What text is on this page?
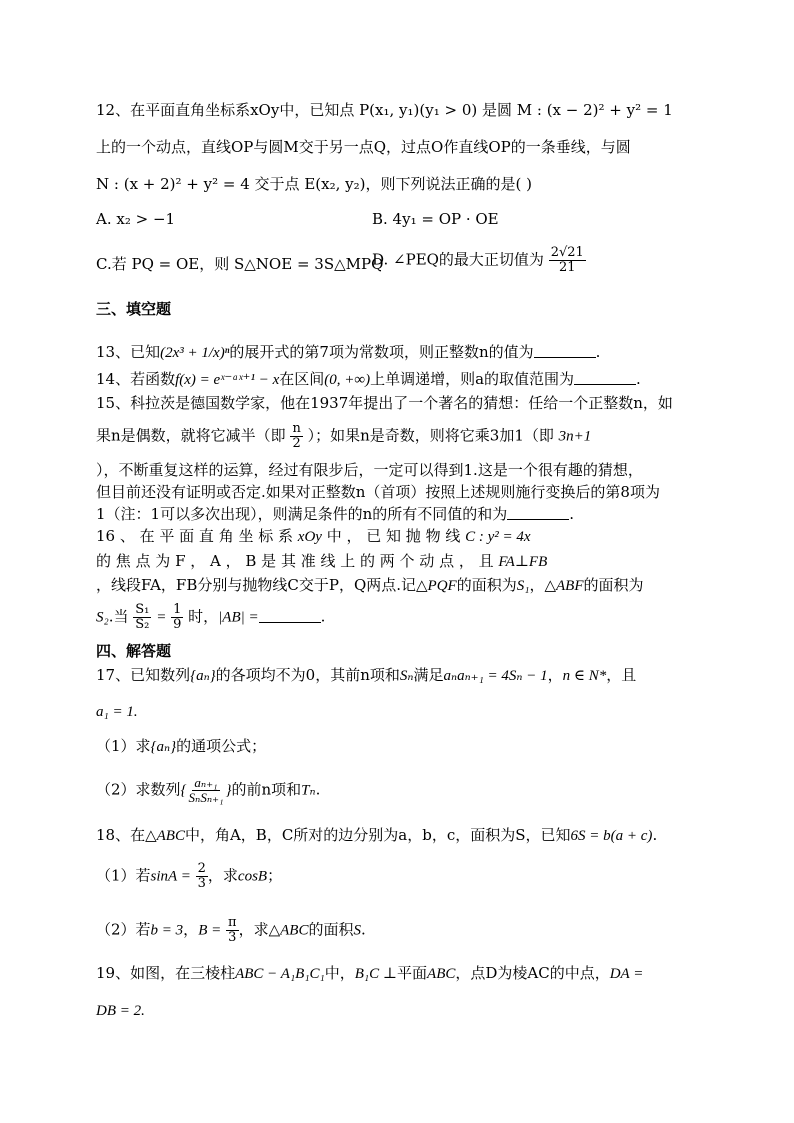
12、在平面直角坐标系xOy中，已知点 P(x₁, y₁)(y₁ > 0) 是圆 M : (x − 2)² + y² = 1
上的一个动点，直线OP与圆M交于另一点Q，过点O作直线OP的一条垂线，与圆
N : (x + 2)² + y² = 4 交于点 E(x₂, y₂)，则下列说法正确的是( )
A. x₂ > −1	B. 4y₁ = OP · OE
C.若 PQ = OE，则 S△NOE = 3S△MPQ
D. ∠PEQ的最大正切值为 $\frac{2√21}{21}$
三、填空题
13、已知(2x³ + 1/x)ⁿ的展开式的第7项为常数项，则正整数n的值为	.
14、若函数f(x) = eˣ⁻ᵃˣ⁺¹ − x在区间(0, +∞)上单调递增，则a的取值范围为	.
15、科拉茨是德国数学家，他在1937年提出了一个著名的猜想：任给一个正整数n，如
果n是偶数，就将它减半（即 $\frac{n}{2}$ ）；如果n是奇数，则将它乘3加1（即 3n+1
），不断重复这样的运算，经过有限步后，一定可以得到1.这是一个很有趣的猜想，
但目前还没有证明或否定.如果对正整数n（首项）按照上述规则施行变换后的第8项为
1（注：1可以多次出现），则满足条件的n的所有不同值的和为	.
16 、 在 平 面 直 角 坐 标 系 xOy 中 ， 已 知 抛 物 线 C : y² = 4x
的 焦 点 为 F ， A ， B 是 其 准 线 上 的 两 个 动 点 ， 且 FA⊥FB
，线段FA，FB分别与抛物线C交于P，Q两点.记△PQF的面积为S₁，△ABF的面积为
S₂.当 $\frac{\text{S₁}}{\text{S₂}} = \frac{1}{9}$ 时，|AB| =	.
四、解答题
17、已知数列{aₙ}的各项均不为0，其前n项和Sₙ满足aₙaₙ₊₁ = 4Sₙ − 1，n ∈ N*，且
a₁ = 1.
（1）求{aₙ}的通项公式；
（2）求数列{ $\frac{\text{aₙ₊₁}}{\text{SₙSₙ₊₁}}$ }的前n项和Tₙ.
18、在△ABC中，角A，B，C所对的边分别为a，b，c，面积为S，已知6S = b(a + c).
（1）若$\sin A = \frac{2}{3}$ ，求cosB；
（2）若b = 3，$B = \frac{\pi}{3}$ ，求△ABC的面积S.
19、如图，在三棱柱ABC − A₁B₁C₁中，B₁C ⊥平面ABC，点D为棱AC的中点，DA =
DB = 2.
